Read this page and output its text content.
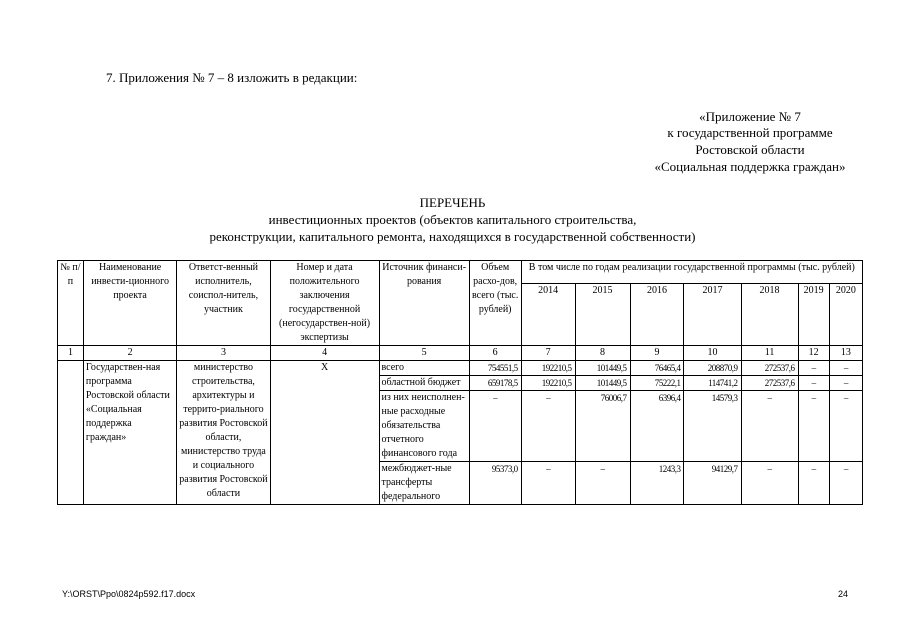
7. Приложения № 7 – 8 изложить в редакции:
«Приложение № 7
к государственной программе
Ростовской области
«Социальная поддержка граждан»
ПЕРЕЧЕНЬ
инвестиционных проектов (объектов капитального строительства,
реконструкции, капитального ремонта, находящихся в государственной собственности)
№ п/п	Наименование инвести-ционного проекта	Ответст-венный исполнитель, соиспол-нитель, участник	Номер и дата положительного заключения государственной (негосударствен-ной) экспертизы	Источник финанси-рования	Объем расхо-дов, всего (тыс. рублей)	В том числе по годам реализации государственной программы (тыс. рублей)						
						2014	2015	2016	2017	2018	2019	2020
1	2	3	4	5	6	7	8	9	10	11	12	13
	Государствен-ная программа Ростовской области «Социальная поддержка граждан»	министерство строительства, архитектуры и террито-риального развития Ростовской области, министерство труда и социального развития Ростовской области	Х	всего	754551,5	192210,5	101449,5	76465,4	208870,9	272537,6	–	–
				областной бюджет	659178,5	192210,5	101449,5	75222,1	114741,2	272537,6	–	–
				из них неисполнен-ные расходные обязательства отчетного финансового года	–	–	76006,7	6396,4	14579,3	–	–	–
				межбюджет-ные трансферты федерального	95373,0	–	–	1243,3	94129,7	–	–	–
Y:\ORST\Ppo\0824p592.f17.docx	24
